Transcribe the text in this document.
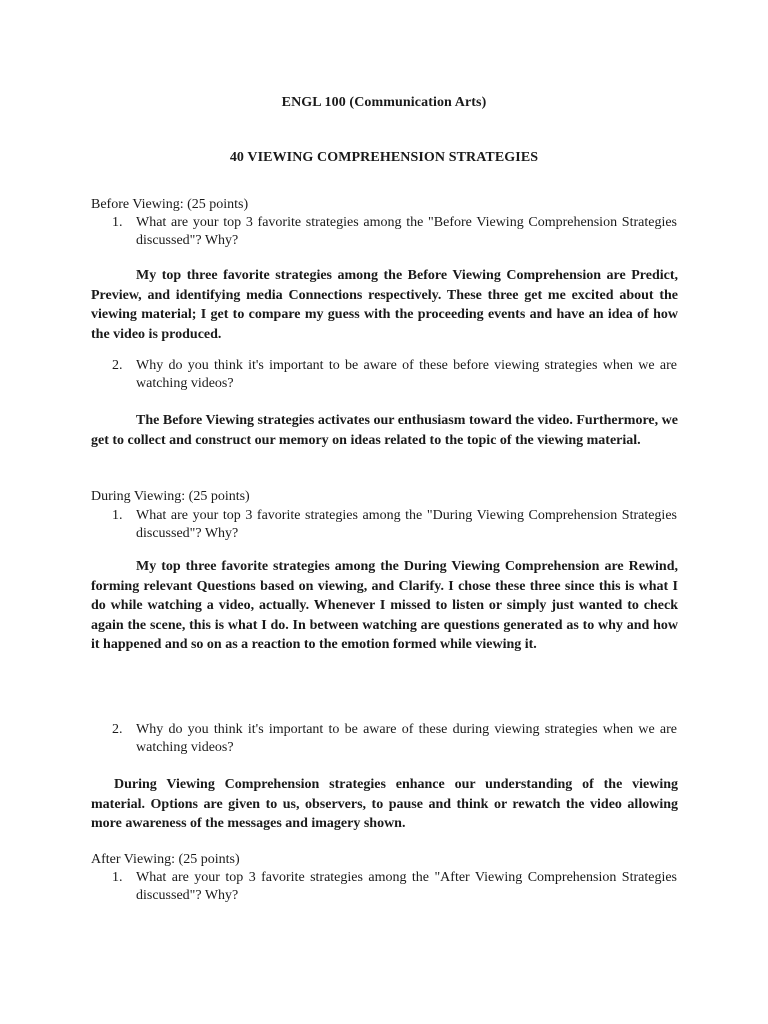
ENGL 100 (Communication Arts)

40 VIEWING COMPREHENSION STRATEGIES

Before Viewing: (25 points)

1. What are your top 3 favorite strategies among the "Before Viewing Comprehension Strategies discussed"? Why?

My top three favorite strategies among the Before Viewing Comprehension are Predict, Preview, and identifying media Connections respectively. These three get me excited about the viewing material; I get to compare my guess with the proceeding events and have an idea of how the video is produced.

2. Why do you think it's important to be aware of these before viewing strategies when we are watching videos?

The Before Viewing strategies activates our enthusiasm toward the video. Furthermore, we get to collect and construct our memory on ideas related to the topic of the viewing material.

During Viewing: (25 points)

1. What are your top 3 favorite strategies among the "During Viewing Comprehension Strategies discussed"? Why?

My top three favorite strategies among the During Viewing Comprehension are Rewind, forming relevant Questions based on viewing, and Clarify. I chose these three since this is what I do while watching a video, actually. Whenever I missed to listen or simply just wanted to check again the scene, this is what I do. In between watching are questions generated as to why and how it happened and so on as a reaction to the emotion formed while viewing it.

2. Why do you think it's important to be aware of these during viewing strategies when we are watching videos?

During Viewing Comprehension strategies enhance our understanding of the viewing material. Options are given to us, observers, to pause and think or rewatch the video allowing more awareness of the messages and imagery shown.

After Viewing: (25 points)

1. What are your top 3 favorite strategies among the "After Viewing Comprehension Strategies discussed"? Why?
